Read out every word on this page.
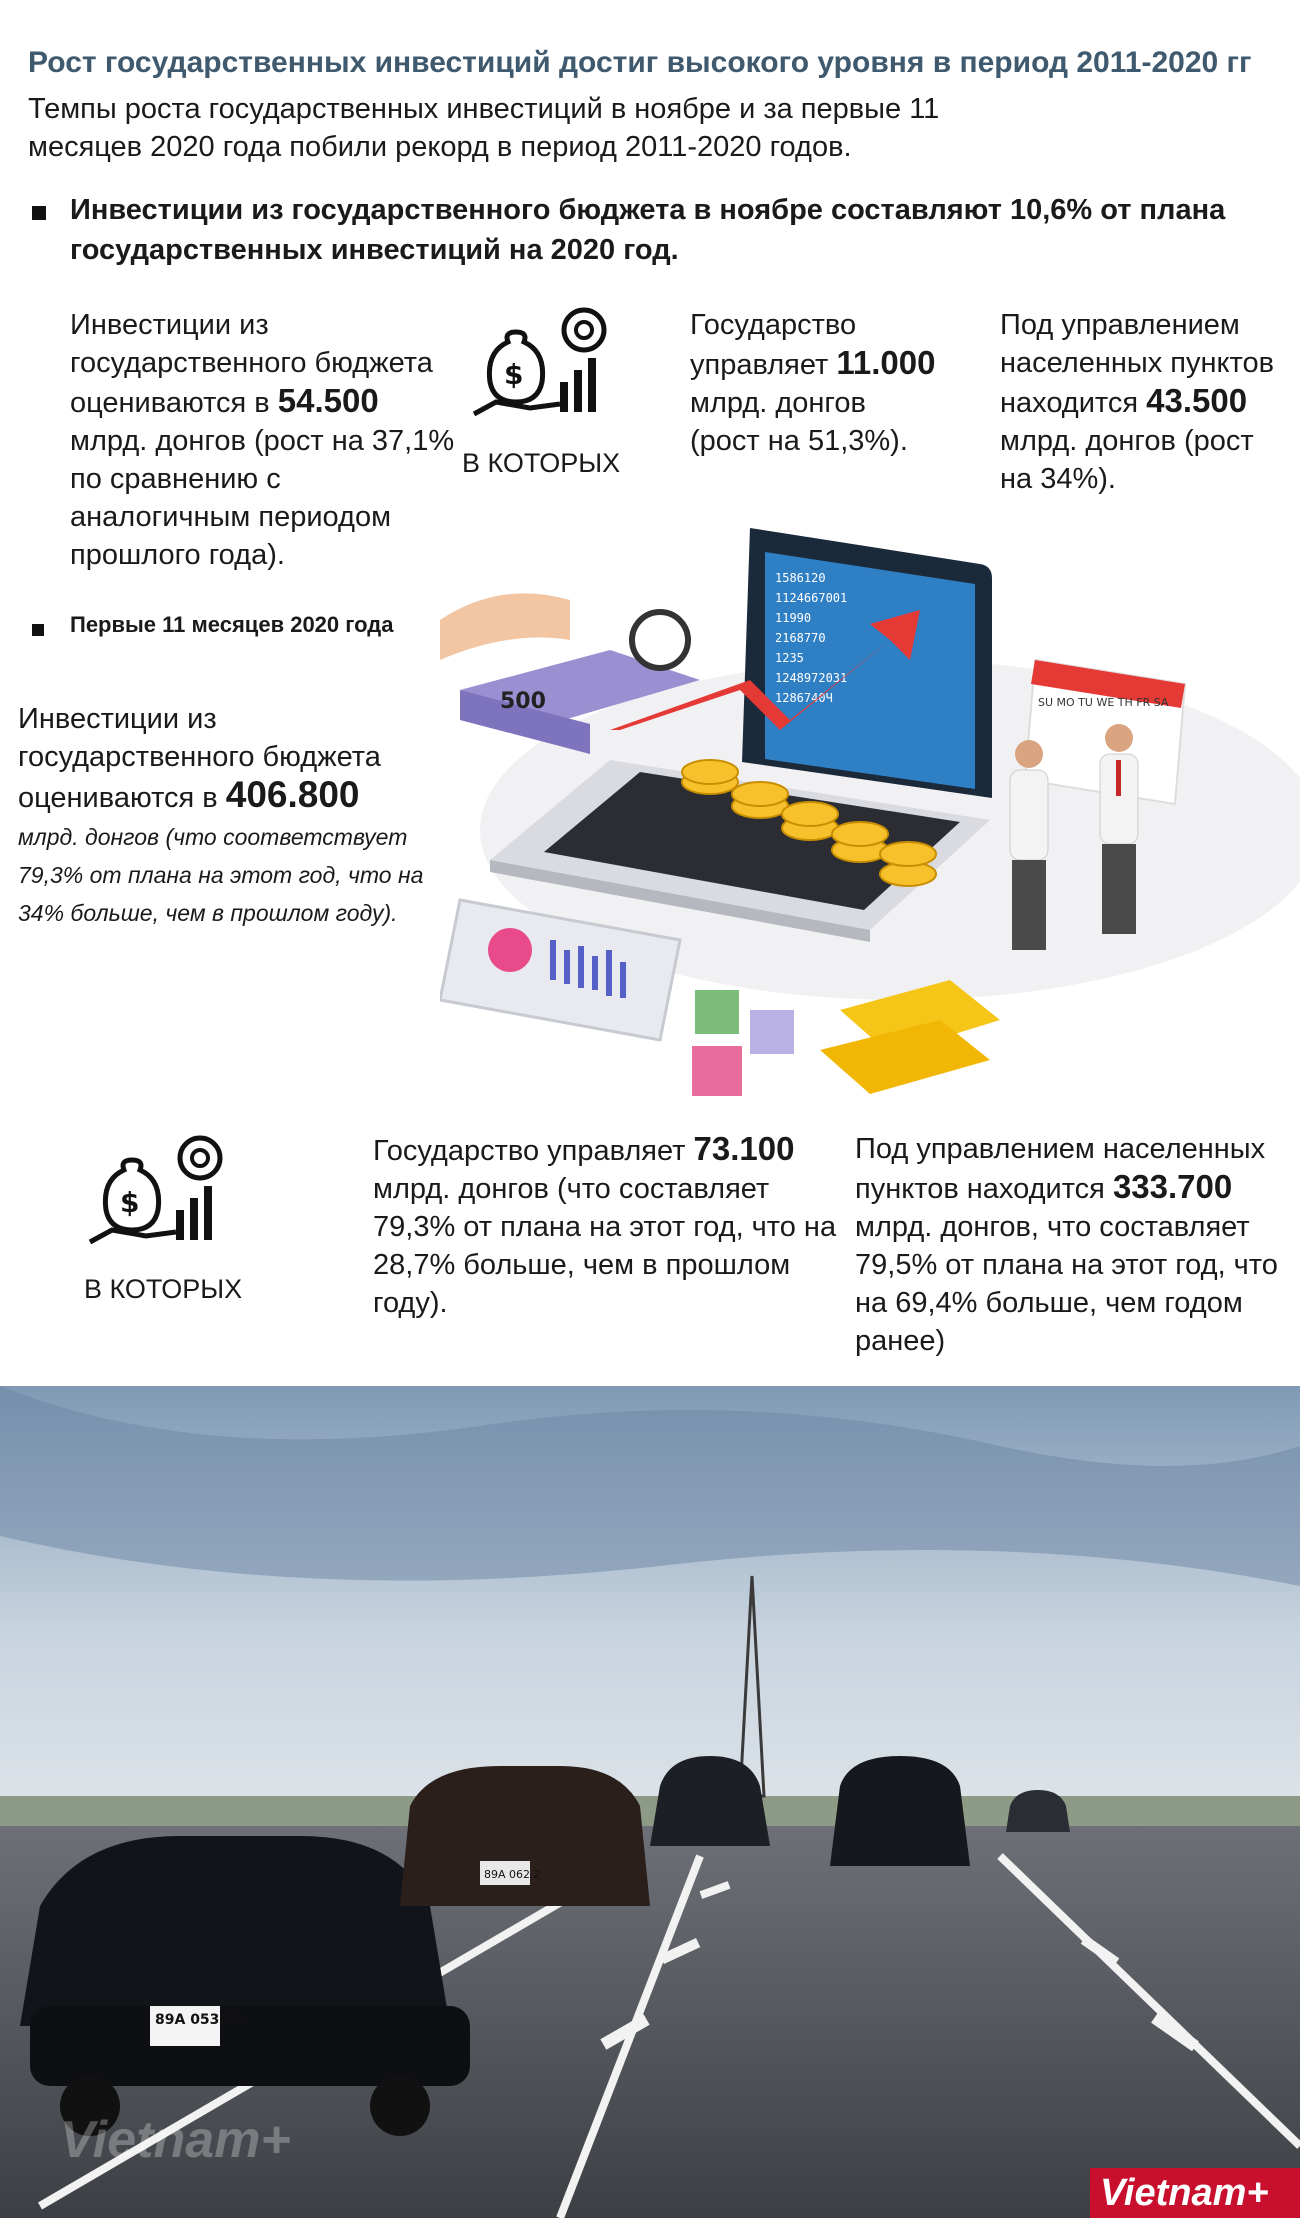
Рост государственных инвестиций достиг высокого уровня в период 2011-2020 гг
Темпы роста государственных инвестиций в ноябре и за первые 11 месяцев 2020 года побили рекорд в период 2011-2020 годов.
Инвестиции из государственного бюджета в ноябре составляют 10,6% от плана государственных инвестиций на 2020 год.
Инвестиции из государственного бюджета оцениваются в 54.500 млрд. донгов (рост на 37,1% по сравнению с аналогичным периодом прошлого года).
$
В КОТОРЫХ
Государство управляет 11.000 млрд. донгов (рост на 51,3%).
Под управлением населенных пунктов находится 43.500 млрд. донгов (рост на 34%).
Первые 11 месяцев 2020 года
Инвестиции из государственного бюджета оцениваются в 406.800
млрд. донгов (что соответствует 79,3% от плана на этот год, что на 34% больше, чем в прошлом году).
1586120
1124667001
11990
2168770
1235
1248972031
1286740Ч
500	SU MO TU WE TH FR SA
$
В КОТОРЫХ
Государство управляет 73.100 млрд. донгов (что составляет 79,3% от плана на этот год, что на 28,7% больше, чем в прошлом году).
Под управлением населенных пунктов находится 333.700 млрд. донгов, что составляет 79,5% от плана на этот год, что на 69,4% больше, чем годом ранее)
89A 053.32
89A 062.2
Vietnam+
Vietnam+
